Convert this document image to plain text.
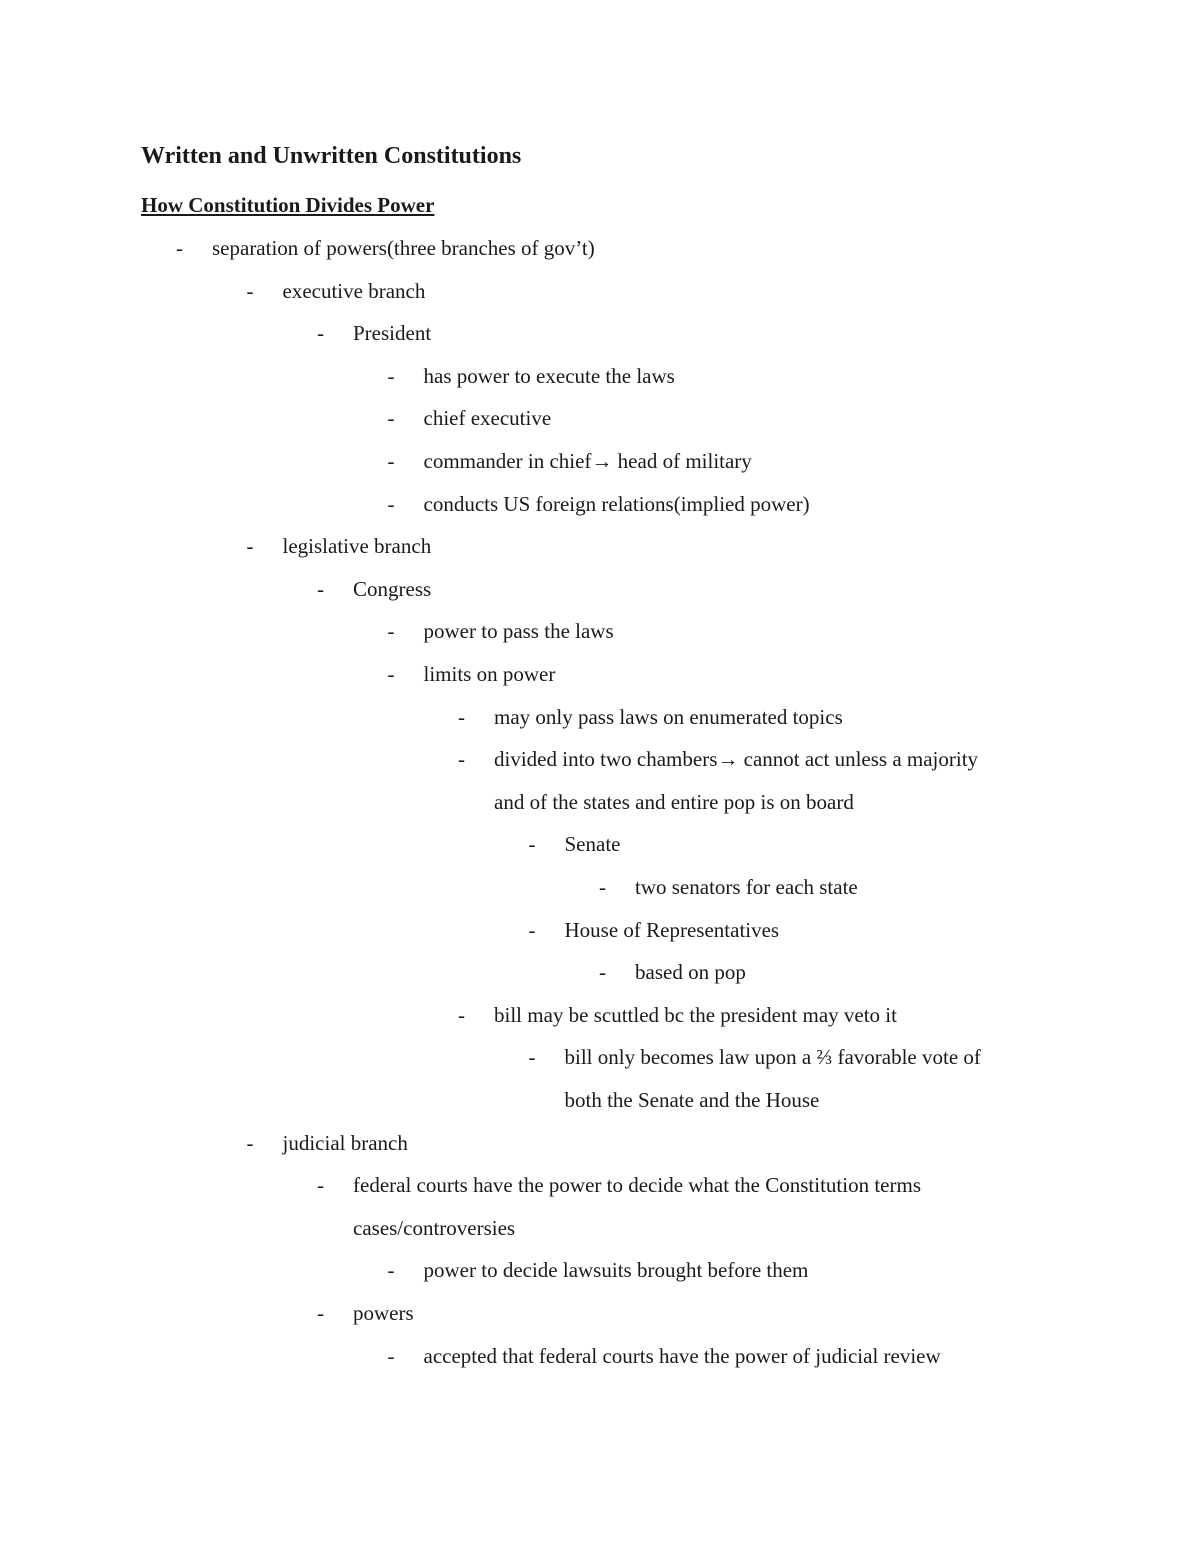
Written and Unwritten Constitutions
How Constitution Divides Power
- separation of powers(three branches of gov’t)
- executive branch
- President
- has power to execute the laws
- chief executive
- commander in chief→ head of military
- conducts US foreign relations(implied power)
- legislative branch
- Congress
- power to pass the laws
- limits on power
- may only pass laws on enumerated topics
- divided into two chambers→ cannot act unless a majority
and of the states and entire pop is on board
- Senate
- two senators for each state
- House of Representatives
- based on pop
- bill may be scuttled bc the president may veto it
- bill only becomes law upon a ⅔ favorable vote of
both the Senate and the House
- judicial branch
- federal courts have the power to decide what the Constitution terms
cases/controversies
- power to decide lawsuits brought before them
- powers
- accepted that federal courts have the power of judicial review
